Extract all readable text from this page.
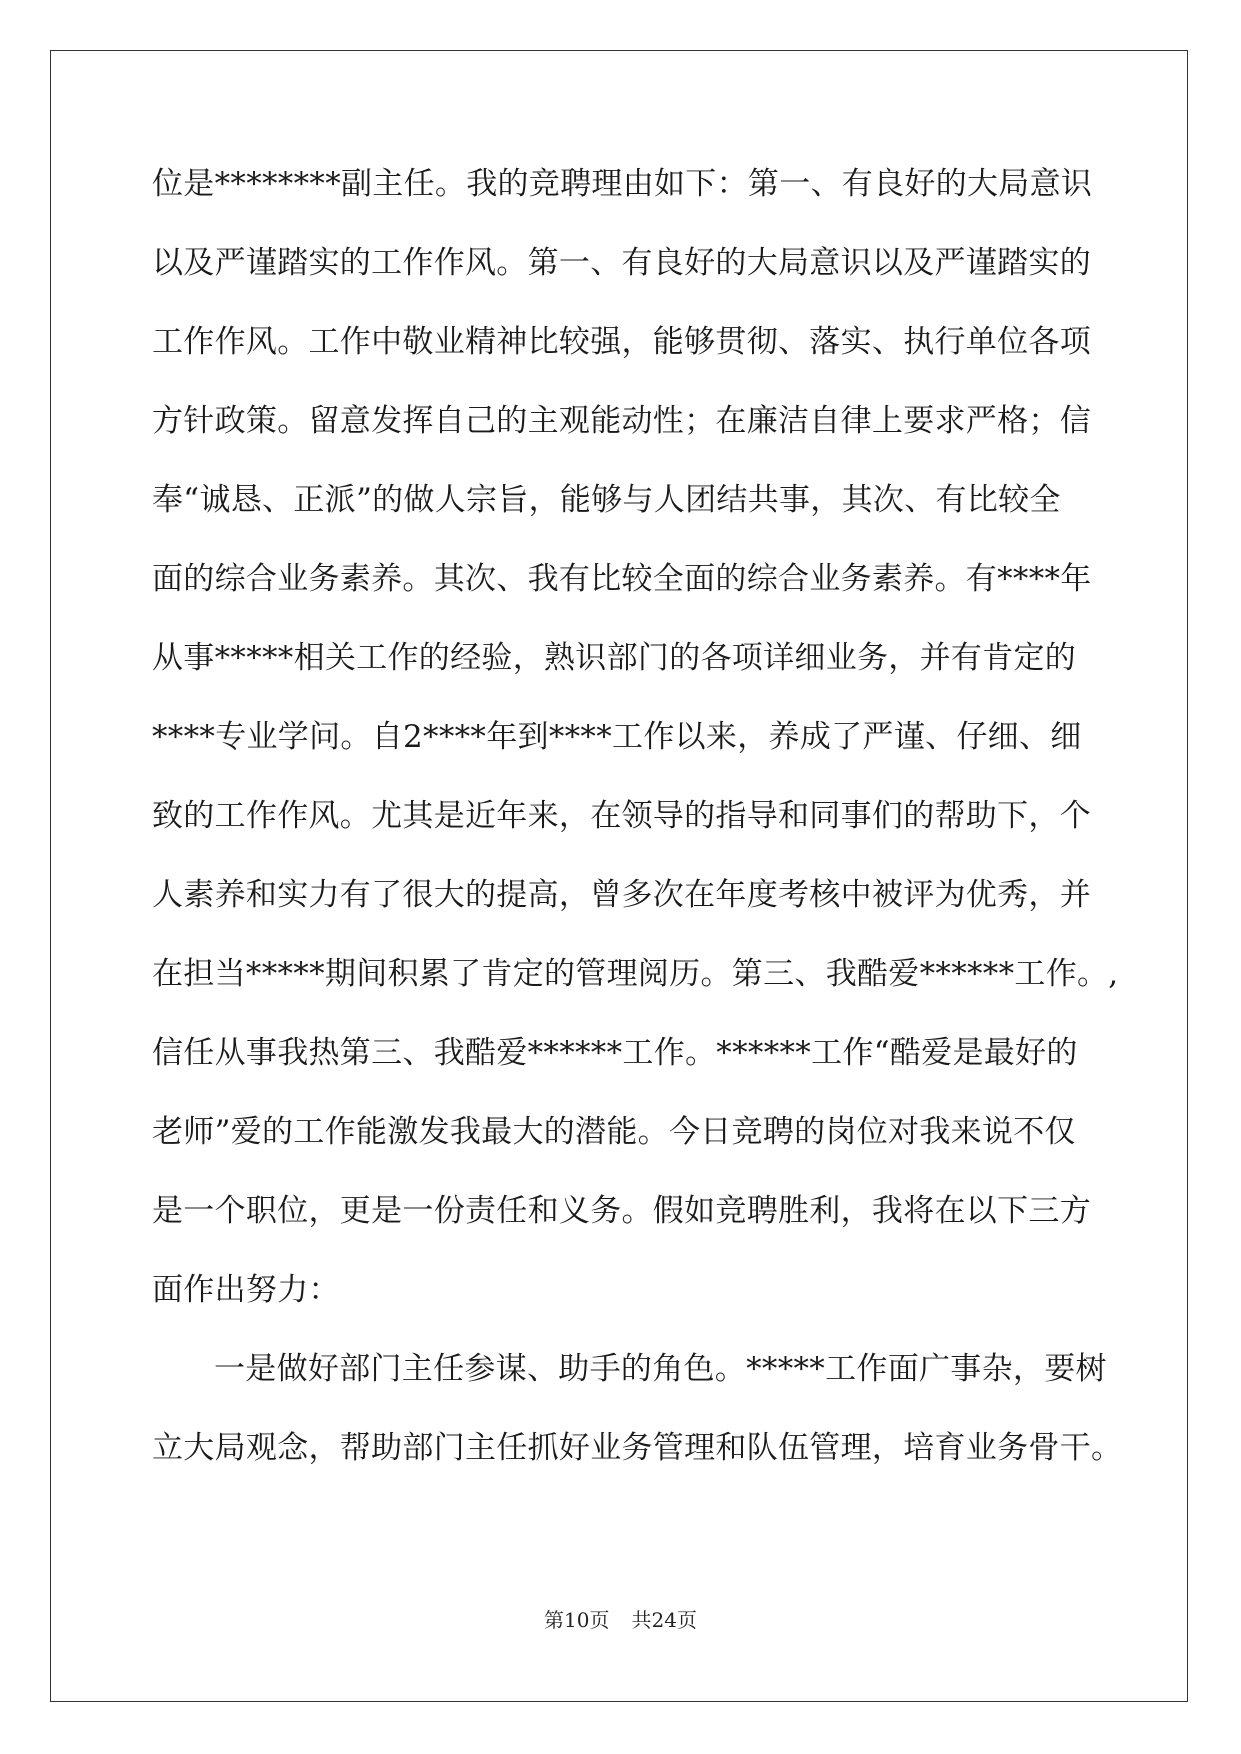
位是********副主任。我的竞聘理由如下：第一、有良好的大局意识
以及严谨踏实的工作作风。第一、有良好的大局意识以及严谨踏实的
工作作风。工作中敬业精神比较强，能够贯彻、落实、执行单位各项
方针政策。留意发挥自己的主观能动性；在廉洁自律上要求严格；信
奉“诚恳、正派”的做人宗旨，能够与人团结共事，其次、有比较全
面的综合业务素养。其次、我有比较全面的综合业务素养。有****年
从事*****相关工作的经验，熟识部门的各项详细业务，并有肯定的
****专业学问。自2****年到****工作以来，养成了严谨、仔细、细
致的工作作风。尤其是近年来，在领导的指导和同事们的帮助下，个
人素养和实力有了很大的提高，曾多次在年度考核中被评为优秀，并
在担当*****期间积累了肯定的管理阅历。第三、我酷爱******工作。,
信任从事我热第三、我酷爱******工作。******工作“酷爱是最好的
老师”爱的工作能激发我最大的潜能。今日竞聘的岗位对我来说不仅
是一个职位，更是一份责任和义务。假如竞聘胜利，我将在以下三方
面作出努力：
一是做好部门主任参谋、助手的角色。*****工作面广事杂，要树
立大局观念，帮助部门主任抓好业务管理和队伍管理，培育业务骨干。
第10页 共24页
